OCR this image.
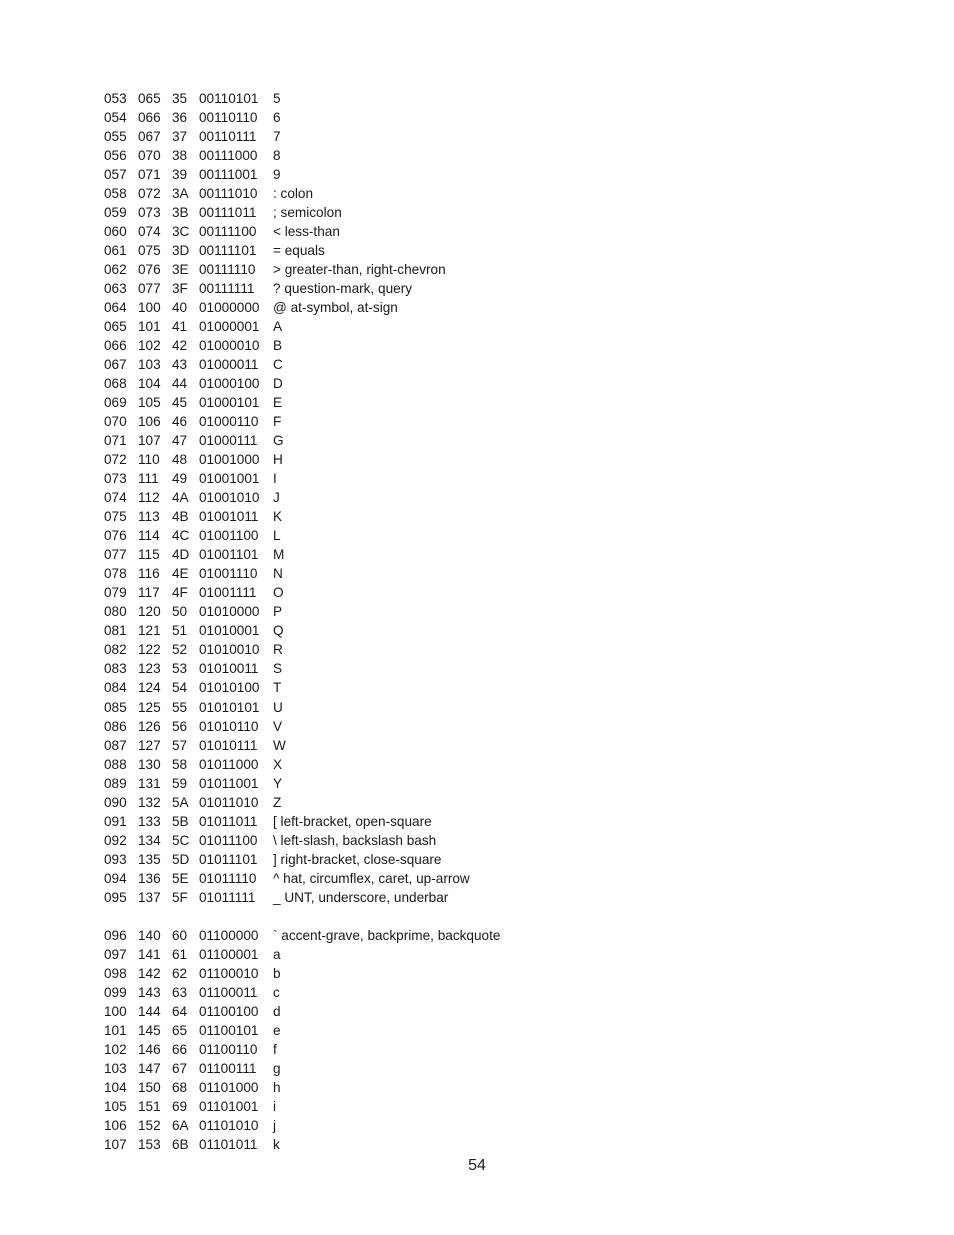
053 065 35 00110101 5
054 066 36 00110110 6
055 067 37 00110111 7
056 070 38 00111000 8
057 071 39 00111001 9
058 072 3A 00111010 : colon
059 073 3B 00111011 ; semicolon
060 074 3C 00111100 < less-than
061 075 3D 00111101 = equals
062 076 3E 00111110 > greater-than, right-chevron
063 077 3F 00111111 ? question-mark, query
064 100 40 01000000 @ at-symbol, at-sign
065 101 41 01000001 A
066 102 42 01000010 B
067 103 43 01000011 C
068 104 44 01000100 D
069 105 45 01000101 E
070 106 46 01000110 F
071 107 47 01000111 G
072 110 48 01001000 H
073 111 49 01001001 I
074 112 4A 01001010 J
075 113 4B 01001011 K
076 114 4C 01001100 L
077 115 4D 01001101 M
078 116 4E 01001110 N
079 117 4F 01001111 O
080 120 50 01010000 P
081 121 51 01010001 Q
082 122 52 01010010 R
083 123 53 01010011 S
084 124 54 01010100 T
085 125 55 01010101 U
086 126 56 01010110 V
087 127 57 01010111 W
088 130 58 01011000 X
089 131 59 01011001 Y
090 132 5A 01011010 Z
091 133 5B 01011011 [ left-bracket, open-square
092 134 5C 01011100 \ left-slash, backslash bash
093 135 5D 01011101 ] right-bracket, close-square
094 136 5E 01011110 ^ hat, circumflex, caret, up-arrow
095 137 5F 01011111 _ UNT, underscore, underbar
096 140 60 01100000 ` accent-grave, backprime, backquote
097 141 61 01100001 a
098 142 62 01100010 b
099 143 63 01100011 c
100 144 64 01100100 d
101 145 65 01100101 e
102 146 66 01100110 f
103 147 67 01100111 g
104 150 68 01101000 h
105 151 69 01101001 i
106 152 6A 01101010 j
107 153 6B 01101011 k
54
